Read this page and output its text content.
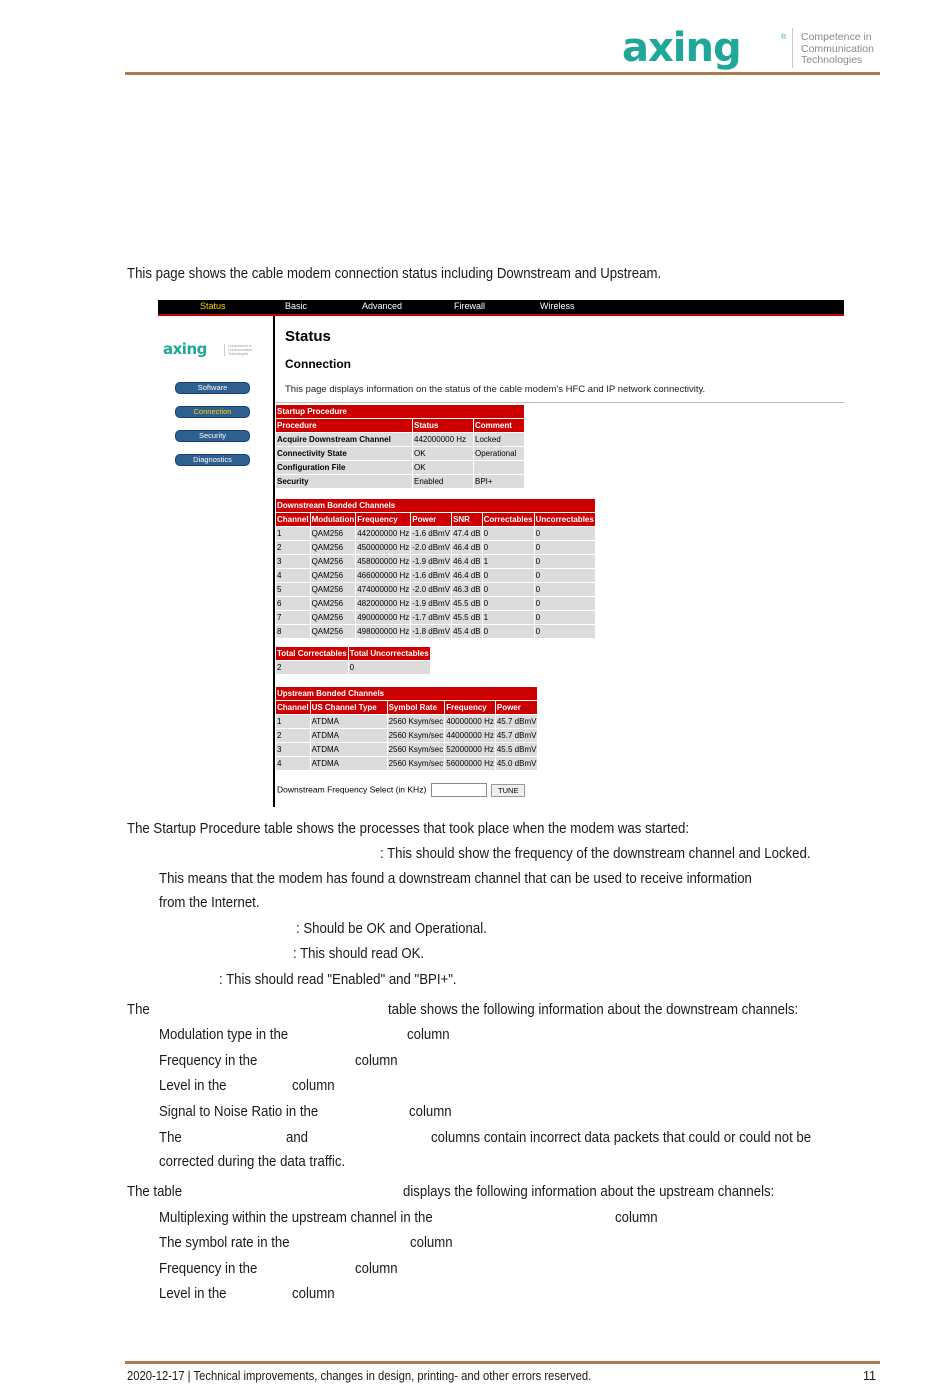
axing	® Competence in
Communication
Technologies
This page shows the cable modem connection status including Downstream and Upstream.
Status	Basic	Advanced	Firewall	Wireless
axing	Competence in
Communication
Technologies
Software
Connection
Security
Diagnostics
Status
Connection
This page displays information on the status of the cable modem's HFC and IP network connectivity.
Startup Procedure		
Procedure	Status	Comment
Acquire Downstream Channel	442000000 Hz	Locked
Connectivity State	OK	Operational
Configuration File	OK	
Security	Enabled	BPI+
Downstream Bonded Channels						
Channel	Modulation	Frequency	Power	SNR	Correctables	Uncorrectables
1	QAM256	442000000 Hz	-1.6 dBmV	47.4 dB	0	0
2	QAM256	450000000 Hz	-2.0 dBmV	46.4 dB	0	0
3	QAM256	458000000 Hz	-1.9 dBmV	46.4 dB	1	0
4	QAM256	466000000 Hz	-1.6 dBmV	46.4 dB	0	0
5	QAM256	474000000 Hz	-2.0 dBmV	46.3 dB	0	0
6	QAM256	482000000 Hz	-1.9 dBmV	45.5 dB	0	0
7	QAM256	490000000 Hz	-1.7 dBmV	45.5 dB	1	0
8	QAM256	498000000 Hz	-1.8 dBmV	45.4 dB	0	0
Total Correctables	Total Uncorrectables
2	0
Upstream Bonded Channels				
Channel	US Channel Type	Symbol Rate	Frequency	Power
1	ATDMA	2560 Ksym/sec	40000000 Hz	45.7 dBmV
2	ATDMA	2560 Ksym/sec	44000000 Hz	45.7 dBmV
3	ATDMA	2560 Ksym/sec	52000000 Hz	45.5 dBmV
4	ATDMA	2560 Ksym/sec	56000000 Hz	45.0 dBmV
Downstream Frequency Select (in KHz)	TUNE
The Startup Procedure table shows the processes that took place when the modem was started:
: This should show the frequency of the downstream channel and Locked.
This means that the modem has found a downstream channel that can be used to receive information
from the Internet.
: Should be OK and Operational.
: This should read OK.
: This should read "Enabled" and "BPI+".
The	table shows the following information about the downstream channels:
Modulation type in the	column
Frequency in the	column
Level in the	column
Signal to Noise Ratio in the	column
The	and	columns contain incorrect data packets that could or could not be
corrected during the data traffic.
The table	displays the following information about the upstream channels:
Multiplexing within the upstream channel in the	column
The symbol rate in the	column
Frequency in the	column
Level in the	column
2020-12-17 | Technical improvements, changes in design, printing- and other errors reserved.	11
